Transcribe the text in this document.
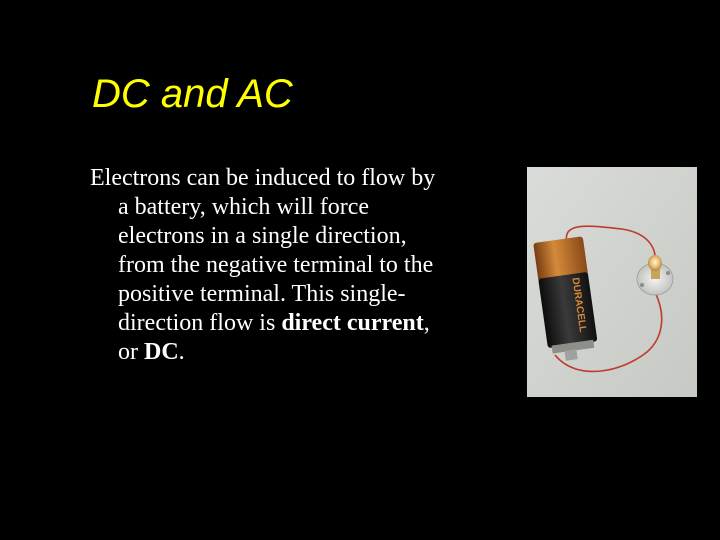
DC and AC
Electrons can be induced to flow by
a battery, which will force
electrons in a single direction,
from the negative terminal to the
positive terminal. This single-
direction flow is direct current,
or DC.
DURACELL
